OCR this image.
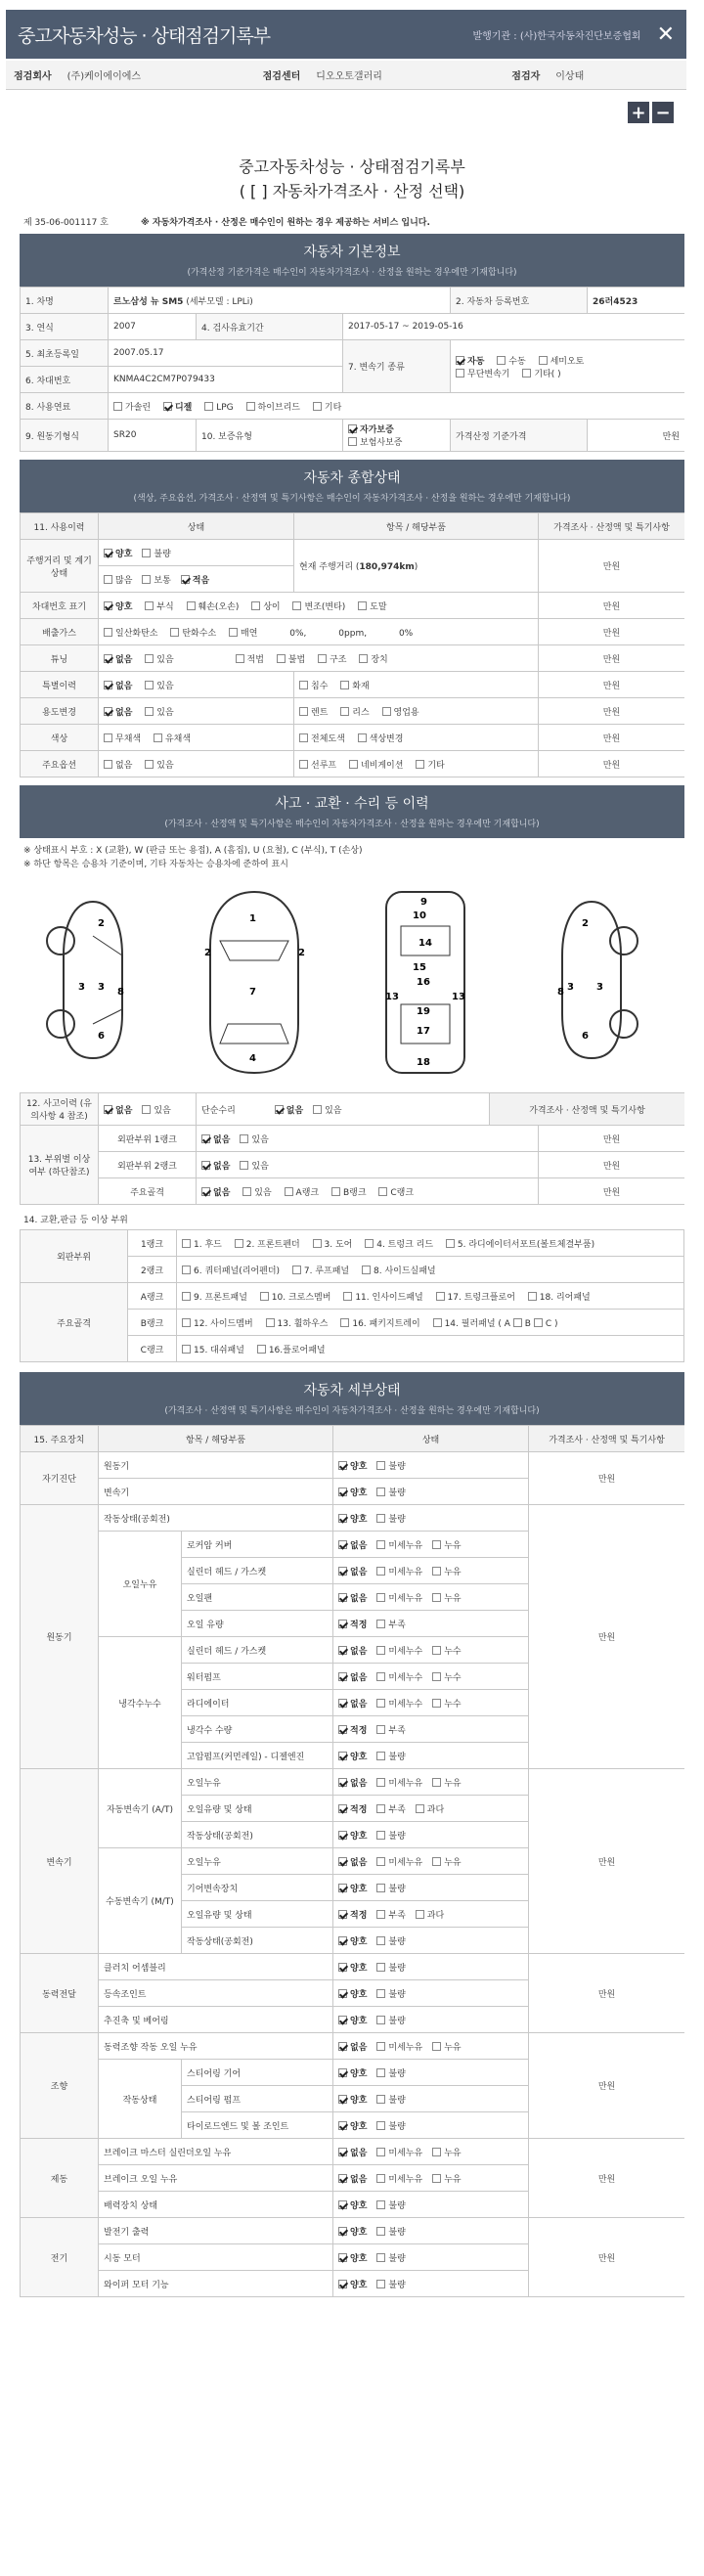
중고자동차성능 · 상태점검기록부	발행기관 : (사)한국자동차진단보증협회 ✕
점검회사	(주)케이에이에스	점검센터	디오오토갤러리	점검자	이상태
+ −
중고자동차성능 · 상태점검기록부
( [ ] 자동차가격조사 · 산정 선택)
제 35-06-001117 호	※ 자동차가격조사 · 산정은 매수인이 원하는 경우 제공하는 서비스 입니다.
자동차 기본정보
(가격산정 기준가격은 매수인이 자동차가격조사 · 산정을 원하는 경우에만 기재합니다)
1. 차명	르노삼성 뉴 SM5 (세부모델 : LPLi)			2. 자동차 등록번호	26러4523
3. 연식	2007	4. 검사유효기간	2017-05-17 ~ 2019-05-16		
5. 최초등록일	2007.05.17		7. 변속기 종류	자동 수동 세미오토
무단변속기 기타( )	
6. 차대번호	KNMA4C2CM7P079433				
8. 사용연료	가솔린 디젤 LPG 하이브리드 기타				
9. 원동기형식	SR20	10. 보증유형	자가보증 보험사보증	가격산정 기준가격	만원
자동차 종합상태
(색상, 주요옵션, 가격조사 · 산정액 및 특기사항은 매수인이 자동차가격조사 · 산정을 원하는 경우에만 기재합니다)
11. 사용이력	상태	항목 / 해당부품	가격조사 · 산정액 및 특기사항
주행거리 및 계기상태	양호 불량	현재 주행거리 (180,974km)	만원
	많음 보통 적음		
차대번호 표기	양호 부식 훼손(오손) 상이 변조(변타) 도말		만원
배출가스	일산화탄소 탄화수소 매연 0%, 0ppm, 0%		만원
튜닝	없음 있음 적법 불법 구조 장치		만원
특별이력	없음 있음	침수 화재	만원
용도변경	없음 있음	렌트 리스 영업용	만원
색상	무채색 유채색	전체도색 색상변경	만원
주요옵션	없음 있음	선루프 네비게이션 기타	만원
사고 · 교환 · 수리 등 이력
(가격조사 · 산정액 및 특기사항은 매수인이 자동차가격조사 · 산정을 원하는 경우에만 기재합니다)
※ 상태표시 부호 : X (교환), W (판금 또는 용접), A (흠집), U (요철), C (부식), T (손상)
※ 하단 항목은 승용차 기준이며, 기타 자동차는 승용차에 준하여 표시
2
3 3 8
6
1
7
4
2	2
9
10
14
15
16
19
17
13	13
18
2
3 3
8
6
12. 사고이력 (유의사항 4 참조)	없음 있음	단순수리 없음 있음	가격조사 · 산정액 및 특기사항	
13. 부위별 이상여부 (하단참조)	외판부위 1랭크	없음 있음		만원
	외판부위 2랭크	없음 있음		만원
	주요골격	없음 있음 A랭크 B랭크 C랭크		만원
14. 교환,판금 등 이상 부위
외판부위	1랭크	1. 후드 2. 프론트펜더 3. 도어 4. 트렁크 리드 5. 라디에이터서포트(볼트체결부품)
	2랭크	6. 쿼터패널(리어펜더) 7. 루프패널 8. 사이드실패널
주요골격	A랭크	9. 프론트패널 10. 크로스멤버 11. 인사이드패널 17. 트렁크플로어 18. 리어패널
	B랭크	12. 사이드멤버 13. 휠하우스 16. 패키지트레이 14. 필러패널 ( A B C )
	C랭크	15. 대쉬패널 16.플로어패널
자동차 세부상태
(가격조사 · 산정액 및 특기사항은 매수인이 자동차가격조사 · 산정을 원하는 경우에만 기재합니다)
15. 주요장치	항목 / 해당부품		상태	가격조사 · 산정액 및 특기사항
자기진단	원동기		양호 불량	만원
	변속기		양호 불량	
원동기	작동상태(공회전)		양호 불량	만원
	오일누유	로커암 커버	없음 미세누유 누유	
		실린더 헤드 / 가스켓	없음 미세누유 누유	
		오일팬	없음 미세누유 누유	
		오일 유량	적정 부족	
	냉각수누수	실린더 헤드 / 가스켓	없음 미세누수 누수	
		워터펌프	없음 미세누수 누수	
		라디에이터	없음 미세누수 누수	
		냉각수 수량	적정 부족	
		고압펌프(커먼레일) - 디젤엔진	양호 불량	
변속기	자동변속기 (A/T)	오일누유	없음 미세누유 누유	만원
		오일유량 및 상태	적정 부족 과다	
		작동상태(공회전)	양호 불량	
	수동변속기 (M/T)	오일누유	없음 미세누유 누유	
		기어변속장치	양호 불량	
		오일유량 및 상태	적정 부족 과다	
		작동상태(공회전)	양호 불량	
동력전달	클러치 어셈블리		양호 불량	만원
	등속조인트		양호 불량	
	추진축 및 베어링		양호 불량	
조향	동력조향 작동 오일 누유		없음 미세누유 누유	만원
	작동상태	스티어링 기어	양호 불량	
		스티어링 펌프	양호 불량	
		타이로드엔드 및 볼 조인트	양호 불량	
제동	브레이크 마스터 실린더오일 누유		없음 미세누유 누유	만원
	브레이크 오일 누유		없음 미세누유 누유	
	배력장치 상태		양호 불량	
전기	발전기 출력		양호 불량	만원
	시동 모터		양호 불량	
	와이퍼 모터 기능		양호 불량	
